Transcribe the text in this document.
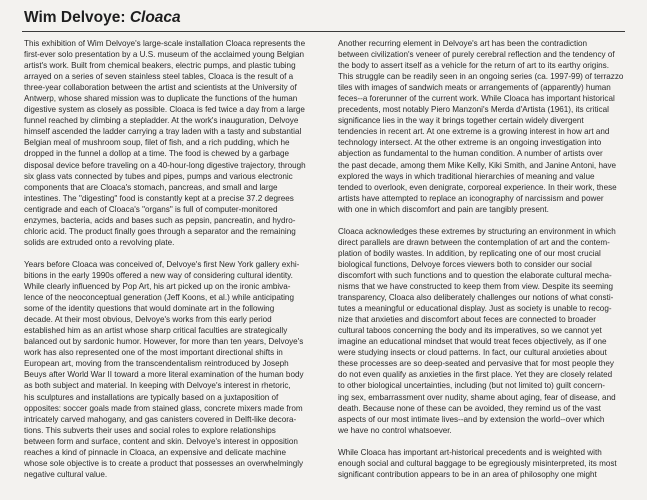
Wim Delvoye: Cloaca
This exhibition of Wim Delvoye's large-scale installation Cloaca represents the
first-ever solo presentation by a U.S. museum of the acclaimed young Belgian
artist's work. Built from chemical beakers, electric pumps, and plastic tubing
arrayed on a series of seven stainless steel tables, Cloaca is the result of a
three-year collaboration between the artist and scientists at the University of
Antwerp, whose shared mission was to duplicate the functions of the human
digestive system as closely as possible. Cloaca is fed twice a day from a large
funnel reached by climbing a stepladder. At the work's inauguration, Delvoye
himself ascended the ladder carrying a tray laden with a tasty and substantial
Belgian meal of mushroom soup, filet of fish, and a rich pudding, which he
dropped in the funnel a dollop at a time. The food is chewed by a garbage
disposal device before traveling on a 40-hour-long digestive trajectory, through
six glass vats connected by tubes and pipes, pumps and various electronic
components that are Cloaca's stomach, pancreas, and small and large
intestines. The "digesting" food is constantly kept at a precise 37.2 degrees
centigrade and each of Cloaca's "organs" is full of computer-monitored
enzymes, bacteria, acids and bases such as pepsin, pancreatin, and hydro-
chloric acid. The product finally goes through a separator and the remaining
solids are extruded onto a revolving plate.
Years before Cloaca was conceived of, Delvoye's first New York gallery exhi-
bitions in the early 1990s offered a new way of considering cultural identity.
While clearly influenced by Pop Art, his art picked up on the ironic ambiva-
lence of the neoconceptual generation (Jeff Koons, et al.) while anticipating
some of the identity questions that would dominate art in the following
decade. At their most obvious, Delvoye's works from this early period
established him as an artist whose sharp critical faculties are strategically
balanced out by sardonic humor. However, for more than ten years, Delvoye's
work has also represented one of the most important directional shifts in
European art, moving from the transcendentalism reintroduced by Joseph
Beuys after World War II toward a more literal examination of the human body
as both subject and material. In keeping with Delvoye's interest in rhetoric,
his sculptures and installations are typically based on a juxtaposition of
opposites: soccer goals made from stained glass, concrete mixers made from
intricately carved mahogany, and gas canisters covered in Delft-like decora-
tions. This subverts their uses and social roles to explore relationships
between form and surface, content and skin. Delvoye's interest in opposition
reaches a kind of pinnacle in Cloaca, an expensive and delicate machine
whose sole objective is to create a product that possesses an overwhelmingly
negative cultural value.
Another recurring element in Delvoye's art has been the contradiction
between civilization's veneer of purely cerebral reflection and the tendency of
the body to assert itself as a vehicle for the return of art to its earthy origins.
This struggle can be readily seen in an ongoing series (ca. 1997-99) of terrazzo
tiles with images of sandwich meats or arrangements of (apparently) human
feces--a forerunner of the current work. While Cloaca has important historical
precedents, most notably Piero Manzoni's Merda d'Artista (1961), its critical
significance lies in the way it brings together certain widely divergent
tendencies in recent art. At one extreme is a growing interest in how art and
technology intersect. At the other extreme is an ongoing investigation into
abjection as fundamental to the human condition. A number of artists over
the past decade, among them Mike Kelly, Kiki Smith, and Janine Antoni, have
explored the ways in which traditional hierarchies of meaning and value
tended to overlook, even denigrate, corporeal experience. In their work, these
artists have attempted to replace an iconography of narcissism and power
with one in which discomfort and pain are tangibly present.
Cloaca acknowledges these extremes by structuring an environment in which
direct parallels are drawn between the contemplation of art and the contem-
plation of bodily wastes. In addition, by replicating one of our most crucial
biological functions, Delvoye forces viewers both to consider our social
discomfort with such functions and to question the elaborate cultural mecha-
nisms that we have constructed to keep them from view. Despite its seeming
transparency, Cloaca also deliberately challenges our notions of what consti-
tutes a meaningful or educational display. Just as society is unable to recog-
nize that anxieties and discomfort about feces are connected to broader
cultural taboos concerning the body and its imperatives, so we cannot yet
imagine an educational mindset that would treat feces objectively, as if one
were studying insects or cloud patterns. In fact, our cultural anxieties about
these processes are so deep-seated and pervasive that for most people they
do not even qualify as anxieties in the first place. Yet they are closely related
to other biological uncertainties, including (but not limited to) guilt concern-
ing sex, embarrassment over nudity, shame about aging, fear of disease, and
death. Because none of these can be avoided, they remind us of the vast
aspects of our most intimate lives--and by extension the world--over which
we have no control whatsoever.
While Cloaca has important art-historical precedents and is weighted with
enough social and cultural baggage to be egregiously misinterpreted, its most
significant contribution appears to be in an area of philosophy one might
